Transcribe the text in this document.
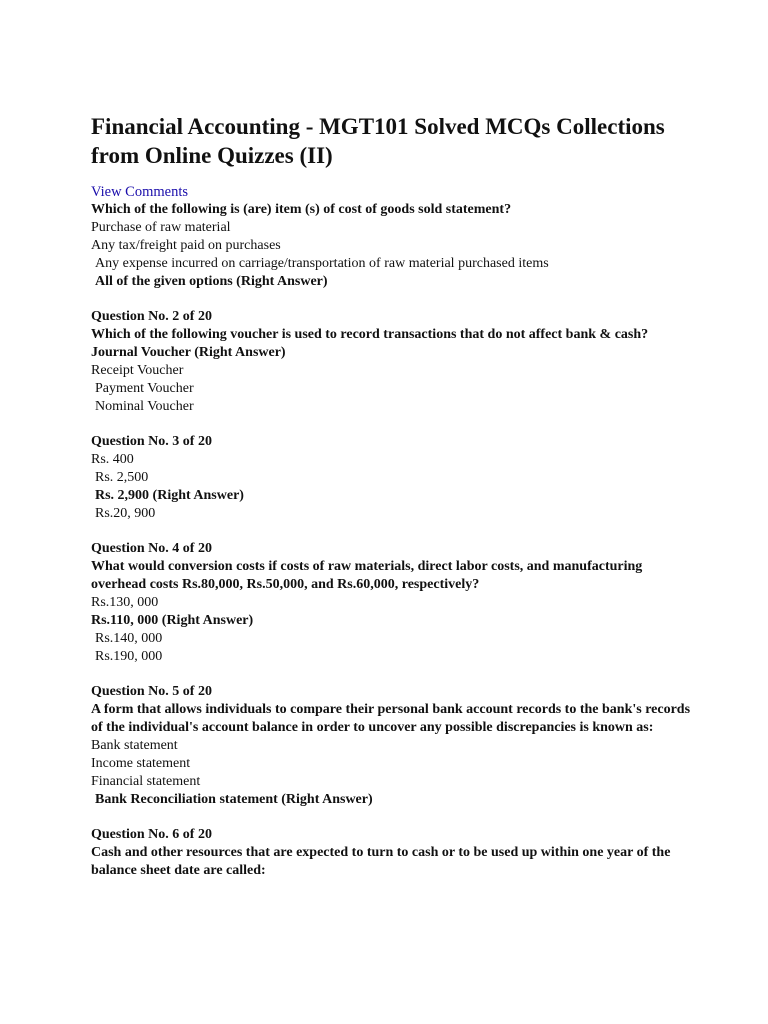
Financial Accounting - MGT101 Solved MCQs Collections from Online Quizzes (II)
View Comments

Which of the following is (are) item (s) of cost of goods sold statement?

Purchase of raw material

Any tax/freight paid on purchases

Any expense incurred on carriage/transportation of raw material purchased items

All of the given options (Right Answer)

Question No. 2 of 20

Which of the following voucher is used to record transactions that do not affect bank & cash?

Journal Voucher (Right Answer)

Receipt Voucher

Payment Voucher

Nominal Voucher

Question No. 3 of 20

Rs. 400

Rs. 2,500

Rs. 2,900 (Right Answer)

Rs.20, 900

Question No. 4 of 20

What would conversion costs if costs of raw materials, direct labor costs, and manufacturing overhead costs Rs.80,000, Rs.50,000, and Rs.60,000, respectively?

Rs.130, 000

Rs.110, 000 (Right Answer)

Rs.140, 000

Rs.190, 000

Question No. 5 of 20

A form that allows individuals to compare their personal bank account records to the bank's records of the individual's account balance in order to uncover any possible discrepancies is known as:

Bank statement

Income statement

Financial statement

Bank Reconciliation statement (Right Answer)

Question No. 6 of 20

Cash and other resources that are expected to turn to cash or to be used up within one year of the balance sheet date are called:
